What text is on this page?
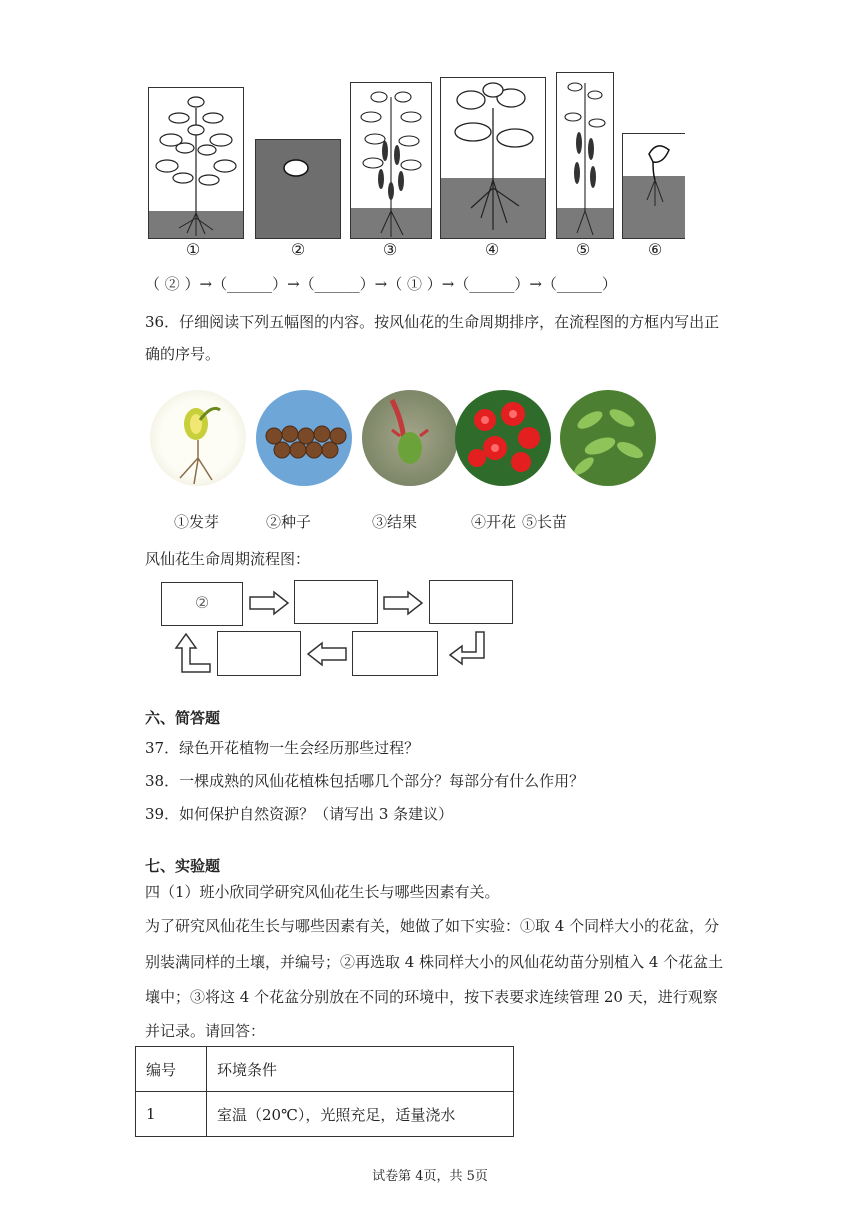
①	②	③	④	⑤	⑥
（ ② ）→（______）→（______）→（ ① ）→（______）→（______）
36．仔细阅读下列五幅图的内容。按风仙花的生命周期排序，在流程图的方框内写出正
确的序号。
①发芽	②种子	③结果	④开花 ⑤长苗
风仙花生命周期流程图：
②
六、简答题
37．绿色开花植物一生会经历那些过程？
38．一棵成熟的风仙花植株包括哪几个部分？每部分有什么作用？
39．如何保护自然资源？（请写出 3 条建议）
七、实验题
四（1）班小欣同学研究风仙花生长与哪些因素有关。
为了研究风仙花生长与哪些因素有关，她做了如下实验：①取 4 个同样大小的花盆，分
别装满同样的土壤，并编号；②再选取 4 株同样大小的风仙花幼苗分别植入 4 个花盆土
壤中；③将这 4 个花盆分别放在不同的环境中，按下表要求连续管理 20 天，进行观察
并记录。请回答：
编号	环境条件
1	室温（20℃），光照充足，适量浇水
试卷第 4页，共 5页
